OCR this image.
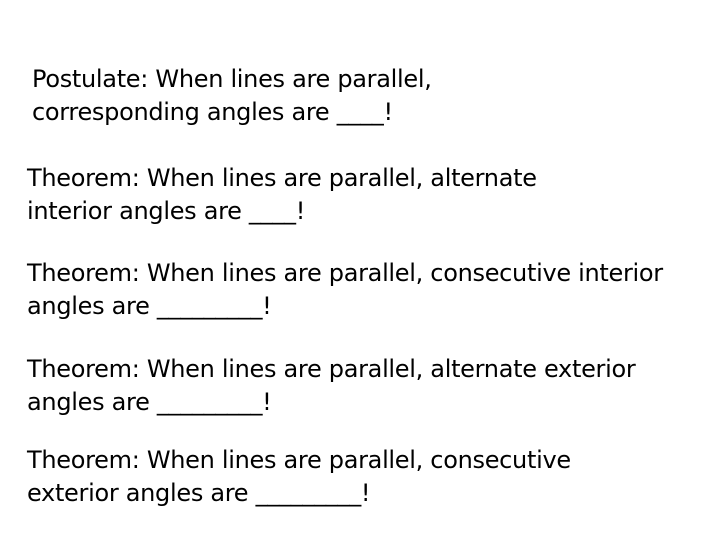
Postulate: When lines are parallel,
corresponding angles are ____!
Theorem: When lines are parallel, alternate
interior angles are ____!
Theorem: When lines are parallel, consecutive interior
angles are _________!
Theorem: When lines are parallel, alternate exterior
angles are _________!
Theorem: When lines are parallel, consecutive
exterior angles are _________!
